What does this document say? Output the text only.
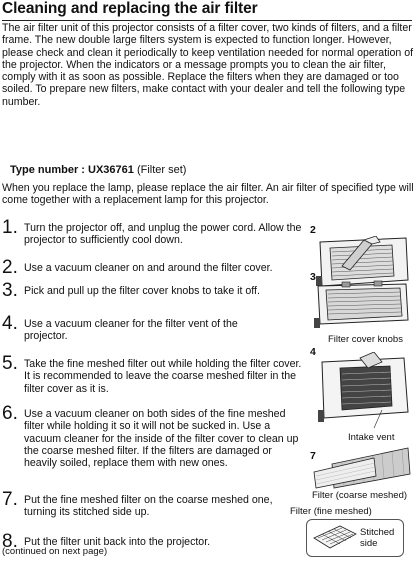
Cleaning and replacing the air filter
The air filter unit of this projector consists of a filter cover, two kinds of filters, and a filter frame. The new double large filters system is expected to function longer. However, please check and clean it periodically to keep ventilation needed for normal operation of the projector. When the indicators or a message prompts you to clean the air filter, comply with it as soon as possible. Replace the filters when they are damaged or too soiled. To prepare new filters, make contact with your dealer and tell the following type number.
Type number : UX36761 (Filter set)
When you replace the lamp, please replace the air filter. An air filter of specified type will come together with a replacement lamp for this projector.
1. Turn the projector off, and unplug the power cord. Allow the projector to sufficiently cool down.
2. Use a vacuum cleaner on and around the filter cover.
3. Pick and pull up the filter cover knobs to take it off.
4. Use a vacuum cleaner for the filter vent of the projector.
5. Take the fine meshed filter out while holding the filter cover. It is recommended to leave the coarse meshed filter in the filter cover as it is.
6. Use a vacuum cleaner on both sides of the fine meshed filter while holding it so it will not be sucked in. Use a vacuum cleaner for the inside of the filter cover to clean up the coarse meshed filter. If the filters are damaged or heavily soiled, replace them with new ones.
7. Put the fine meshed filter on the coarse meshed one, turning its stitched side up.
8. Put the filter unit back into the projector.
(continued on next page)
2
3
Filter cover knobs
4
Intake vent
7
Filter (coarse meshed)
Filter (fine meshed)
Stitched
side
